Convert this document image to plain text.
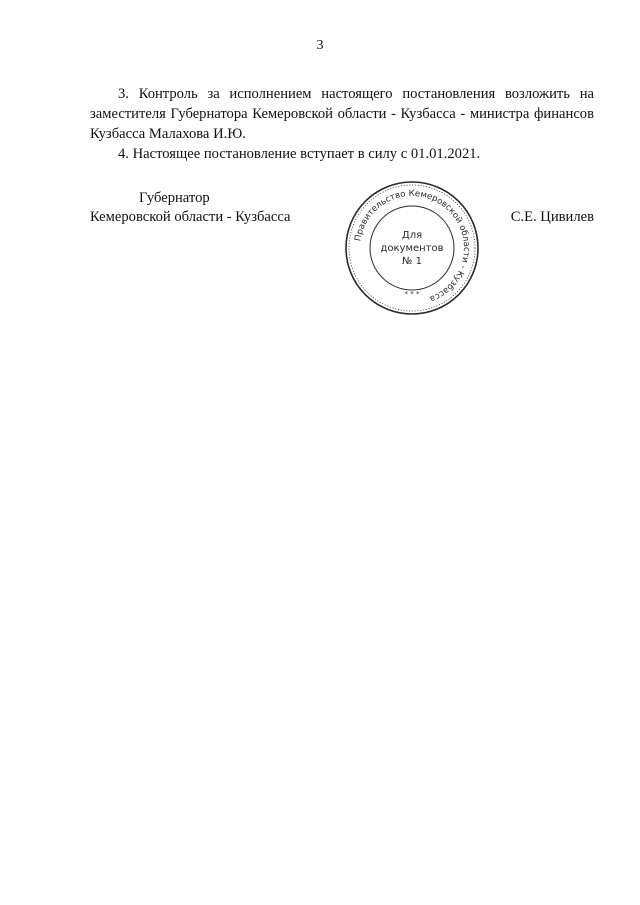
3

3. Контроль за исполнением настоящего постановления возложить на заместителя Губернатора Кемеровской области - Кузбасса - министра финансов Кузбасса Малахова И.Ю.

4. Настоящее постановление вступает в силу с 01.01.2021.

Губернатор
Кемеровской области - Кузбасса	С.Е. Цивилев
Правительство Кемеровской области - Кузбасса
* * *
Для
документов
№ 1
